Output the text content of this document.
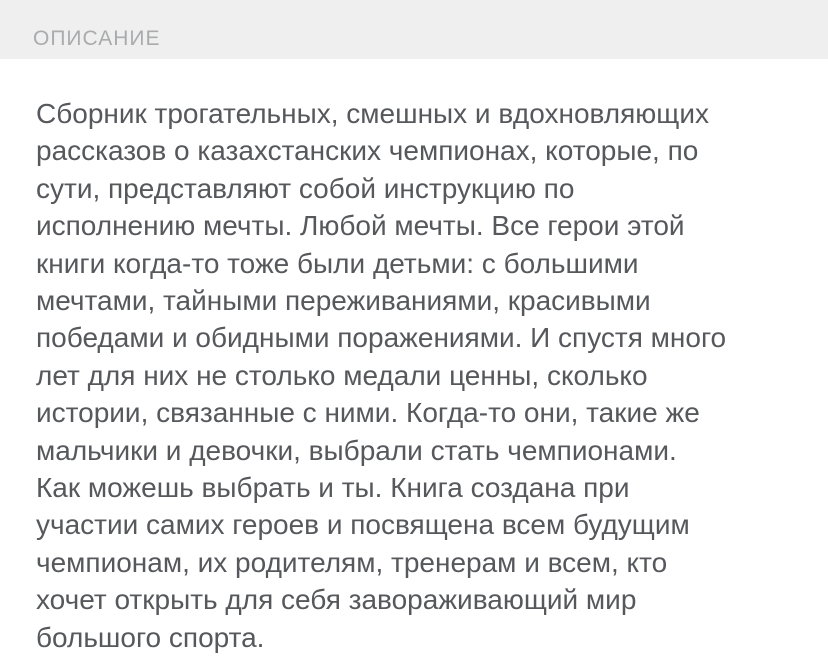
ОПИСАНИЕ
Сборник трогательных, смешных и вдохновляющих
рассказов о казахстанских чемпионах, которые, по
сути, представляют собой инструкцию по
исполнению мечты. Любой мечты. Все герои этой
книги когда-то тоже были детьми: с большими
мечтами, тайными переживаниями, красивыми
победами и обидными поражениями. И спустя много
лет для них не столько медали ценны, сколько
истории, связанные с ними. Когда-то они, такие же
мальчики и девочки, выбрали стать чемпионами.
Как можешь выбрать и ты. Книга создана при
участии самих героев и посвящена всем будущим
чемпионам, их родителям, тренерам и всем, кто
хочет открыть для себя завораживающий мир
большого спорта.
